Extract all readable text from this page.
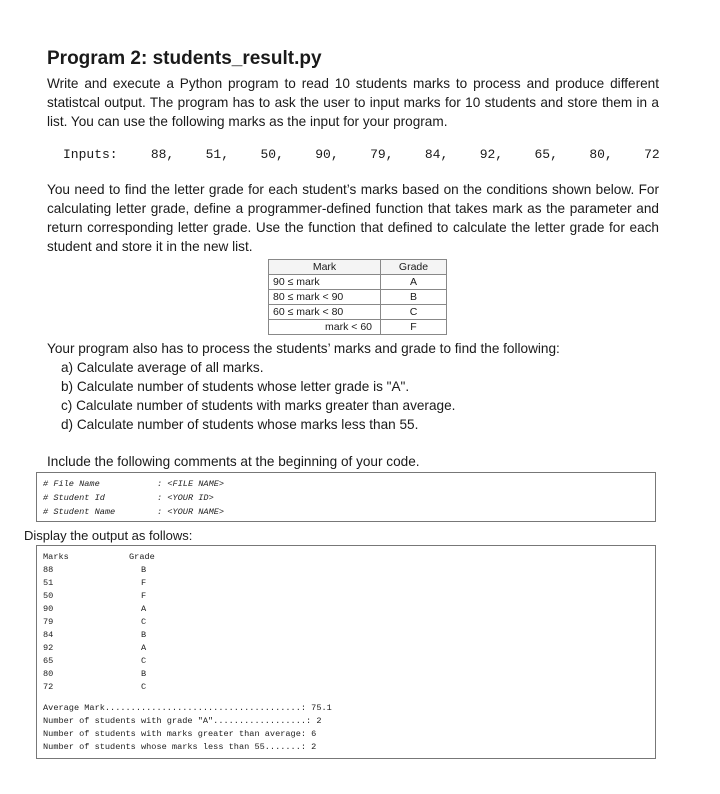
Program 2: students_result.py
Write and execute a Python program to read 10 students marks to process and produce different statistcal output. The program has to ask the user to input marks for 10 students and store them in a list. You can use the following marks as the input for your program.
Inputs:	88, 51, 50, 90, 79, 84, 92, 65, 80, 72
You need to find the letter grade for each student’s marks based on the conditions shown below. For calculating letter grade, define a programmer-defined function that takes mark as the parameter and return corresponding letter grade. Use the function that defined to calculate the letter grade for each student and store it in the new list.
Mark	Grade
90 ≤ mark	A
80 ≤ mark < 90	B
60 ≤ mark < 80	C
mark < 60	F
Your program also has to process the students’ marks and grade to find the following:
a) Calculate average of all marks.
b) Calculate number of students whose letter grade is "A".
c) Calculate number of students with marks greater than average.
d) Calculate number of students whose marks less than 55.
Include the following comments at the beginning of your code.
# File Name	: <FILE NAME>
# Student Id	: <YOUR ID>
# Student Name	: <YOUR NAME>
Display the output as follows:
Marks	Grade
88	B
51	F
50	F
90	A
79	C
84	B
92	A
65	C
80	B
72	C
Average Mark......................................: 75.1
Number of students with grade "A"..................: 2
Number of students with marks greater than average: 6
Number of students whose marks less than 55.......: 2
